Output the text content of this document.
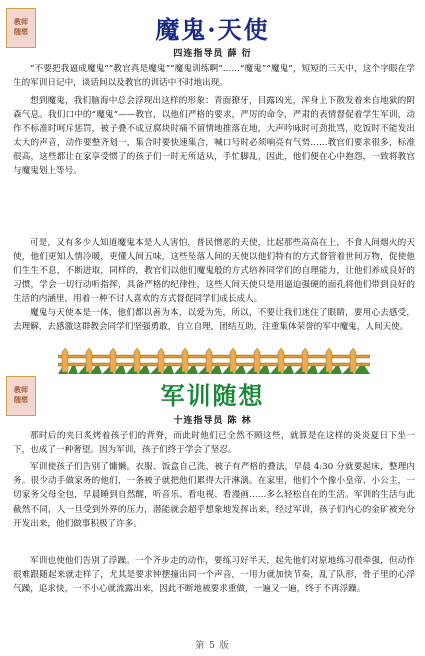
教师
随想	魔鬼·天使
四连指导员 薛 衍
“不要把我逼成魔鬼”“教官真是魔鬼”“魔鬼训练啊”……“魔鬼”“魔鬼”，短短的三天中，这个字眼在学生的军训日记中，谈话间以及教官的训话中不时地出现。
想到魔鬼，我们脑海中总会浮现出这样的形象：青面獠牙，目露凶光，浑身上下散发着来自地狱的阴森气息。我们口中的“魔鬼”——教官，以他们严格的要求，严厉的命令，严肃的表情督促着学生军训，动作不标准时呵斥惩罚，被子叠不成豆腐块时痛不留情地推落在地，大声吟咏时可劲批骂，吃饭时不能发出太大的声音，动作要整齐划一，集合时要快速集合，喊口号时必须响亮有气势……教官们要求很多，标准很高，这些都让在家享受惯了的孩子们一时无所适从，手忙脚乱，因此，他们便在心中抱怨，一致将教官与魔鬼划上等号。
可是，又有多少人知道魔鬼本是人人害怕，普民憎恶的天使，比起那些高高在上，不食人间烟火的天使，他们更知人情冷暖，更懂人间五味，这些坠落人间的天使以他们特有的方式督管着世间万物，促使他们生生不息，不断进取，同样的，教官们以他们魔鬼般的方式培养同学们的自理能力，让他们养成良好的习惯，学会一切行动听指挥，具备严格的纪律性，这些人间天使只是用逼迫强硬的面孔将他们带到良好的生活的内涵里，用着一种不讨人喜欢的方式督促同学们成长成人。
魔鬼与天使本是一体，他们都以善为本，以爱为先，所以，不要让我们迷住了眼睛，要用心去感受，去理解，去感激这群教会同学们坚强勇敢，自立自理，团结互助，注重集体荣誉的军中魔鬼，人间天使。
教师
随想	军训随想
十连指导员 陈 林
那时后的夹日炙烤着孩子们的背脊，而此时他们已全然不顾这些，就算是在这样的炎炎夏日下坐一下，也成了一种奢望。因为军训，孩子们终于学会了坚忍。
军训使孩子们告别了慵懒。衣服、饭盒自己洗，被子有严格的叠法，早晨 4:30 分就要起床，整理内务。很少动手做家务的他们，一条被子就把他们累得大汗淋漓。在家里，他们个个像小皇帝、小公主，一切家务父母全包，早晨睡到自然醒，听音乐、看电视、看漫画……多么轻松自在的生活。军训的生活与此截然不同，人一旦受到外界的压力，潜能就会超乎想象地发挥出来，经过军训，孩子们内心的金矿被充分开发出来，他们做事积极了许多。
军训也使他们告别了浮躁。一个齐步走的动作，要练习好半天，起先他们对原地练习很牵强，但动作很难跟随起来就走样了，尤其是要求钟摆撞出同一个声音，一用力就加快节奏，乱了队形，骨子里的心浮气躁，追求快，一不小心就流露出来，因此不断地被要求重做，一遍又一遍，终于不再浮躁。
第 5 版
